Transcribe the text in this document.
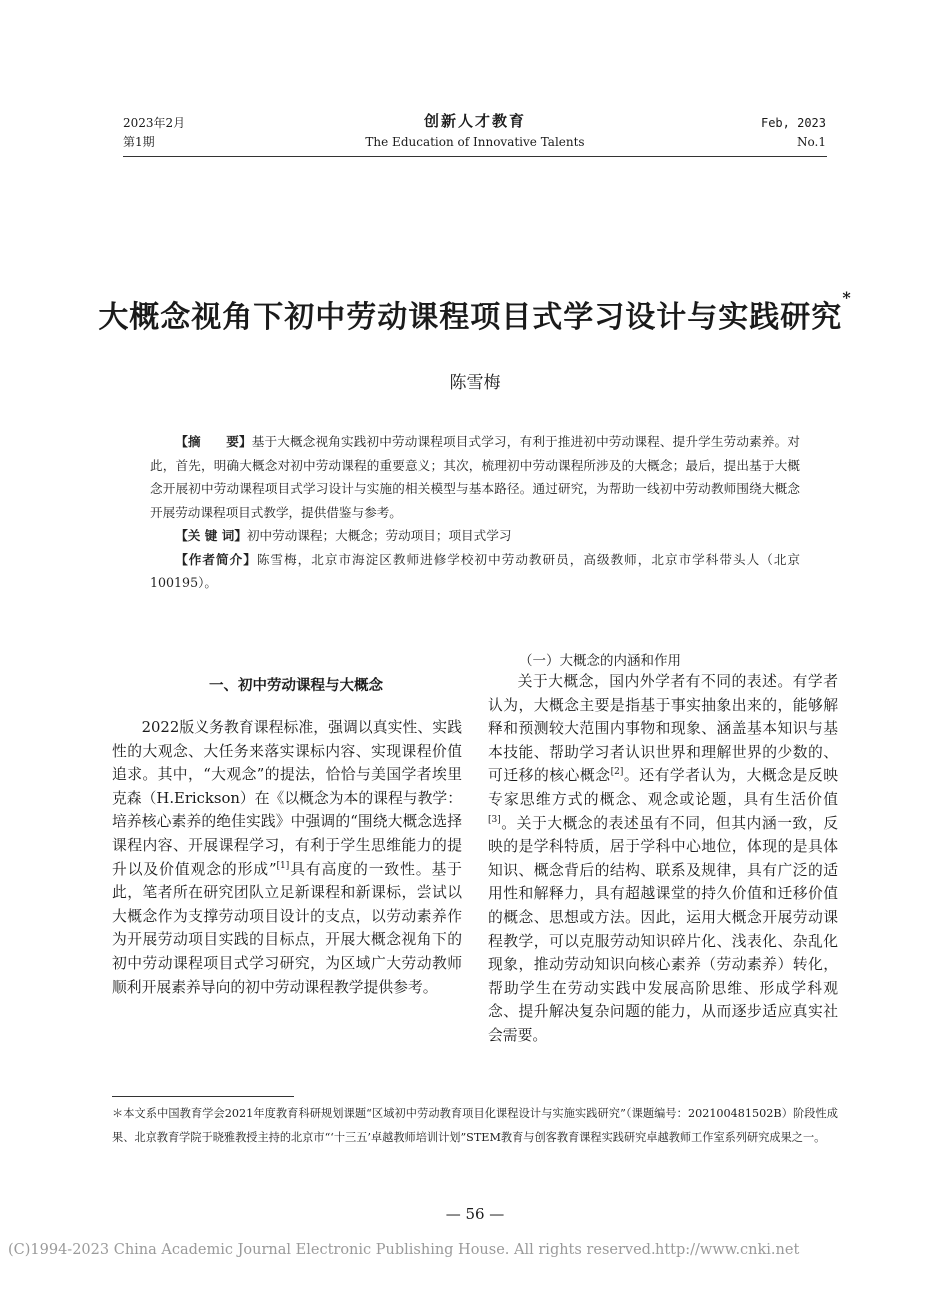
2023年2月
第1期
创新人才教育
The Education of Innovative Talents
Feb, 2023
No.1
大概念视角下初中劳动课程项目式学习设计与实践研究*
陈雪梅

【摘　　要】基于大概念视角实践初中劳动课程项目式学习，有利于推进初中劳动课程、提升学生劳动素养。对此，首先，明确大概念对初中劳动课程的重要意义；其次，梳理初中劳动课程所涉及的大概念；最后，提出基于大概念开展初中劳动课程项目式学习设计与实施的相关模型与基本路径。通过研究，为帮助一线初中劳动教师围绕大概念开展劳动课程项目式教学，提供借鉴与参考。

【关 键 词】初中劳动课程；大概念；劳动项目；项目式学习

【作者简介】陈雪梅，北京市海淀区教师进修学校初中劳动教研员，高级教师，北京市学科带头人（北京 100195）。

一、初中劳动课程与大概念

2022版义务教育课程标准，强调以真实性、实践性的大观念、大任务来落实课标内容、实现课程价值追求。其中，“大观念”的提法，恰恰与美国学者埃里克森（H.Erickson）在《以概念为本的课程与教学：培养核心素养的绝佳实践》中强调的“围绕大概念选择课程内容、开展课程学习，有利于学生思维能力的提升以及价值观念的形成”[1]具有高度的一致性。基于此，笔者所在研究团队立足新课程和新课标，尝试以大概念作为支撑劳动项目设计的支点，以劳动素养作为开展劳动项目实践的目标点，开展大概念视角下的初中劳动课程项目式学习研究，为区域广大劳动教师顺利开展素养导向的初中劳动课程教学提供参考。

（一）大概念的内涵和作用

关于大概念，国内外学者有不同的表述。有学者认为，大概念主要是指基于事实抽象出来的，能够解释和预测较大范围内事物和现象、涵盖基本知识与基本技能、帮助学习者认识世界和理解世界的少数的、可迁移的核心概念[2]。还有学者认为，大概念是反映专家思维方式的概念、观念或论题，具有生活价值[3]。关于大概念的表述虽有不同，但其内涵一致，反映的是学科特质，居于学科中心地位，体现的是具体知识、概念背后的结构、联系及规律，具有广泛的适用性和解释力，具有超越课堂的持久价值和迁移价值的概念、思想或方法。因此，运用大概念开展劳动课程教学，可以克服劳动知识碎片化、浅表化、杂乱化现象，推动劳动知识向核心素养（劳动素养）转化，帮助学生在劳动实践中发展高阶思维、形成学科观念、提升解决复杂问题的能力，从而逐步适应真实社会需要。

＊本文系中国教育学会2021年度教育科研规划课题“区域初中劳动教育项目化课程设计与实施实践研究”（课题编号：202100481502B）阶段性成果、北京教育学院于晓雅教授主持的北京市“‘十三五’卓越教师培训计划”STEM教育与创客教育课程实践研究卓越教师工作室系列研究成果之一。
— 56 —
(C)1994-2023 China Academic Journal Electronic Publishing House. All rights reserved. http://www.cnki.net
